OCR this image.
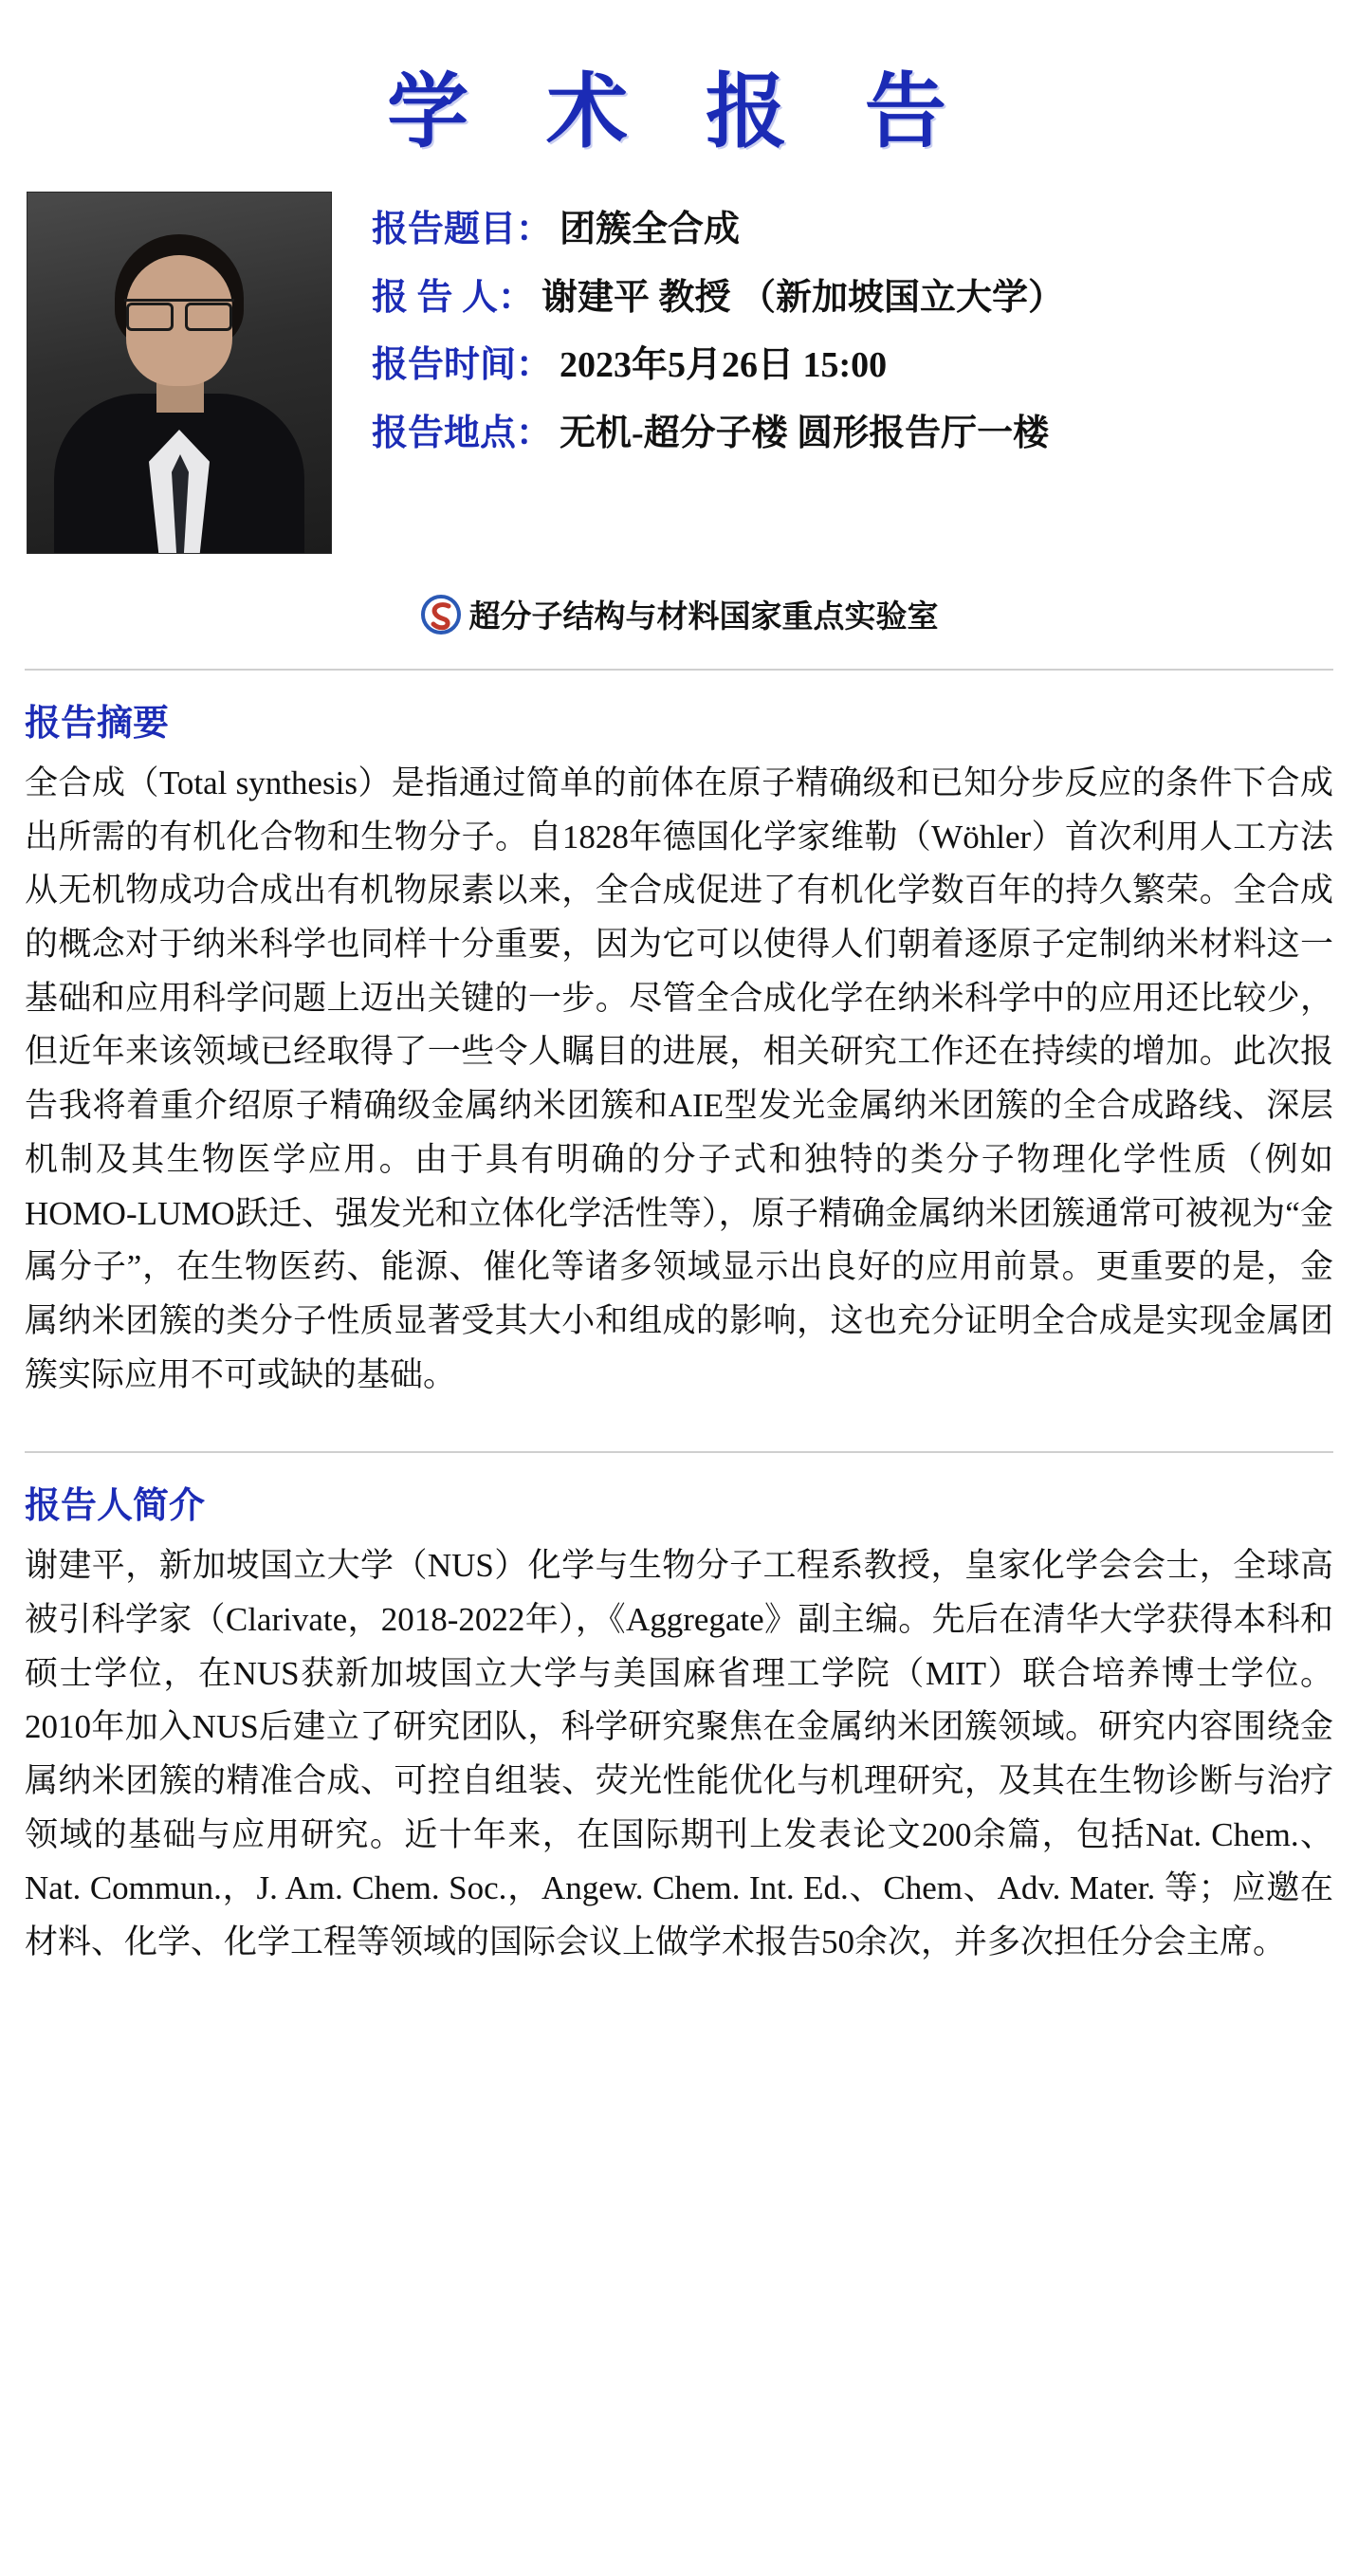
学 术 报 告
报告题目： 团簇全合成
报 告 人： 谢建平 教授 （新加坡国立大学）
报告时间： 2023年5月26日 15:00
报告地点： 无机-超分子楼 圆形报告厅一楼
超分子结构与材料国家重点实验室
报告摘要
全合成（Total synthesis）是指通过简单的前体在原子精确级和已知分步反应的条件下合成出所需的有机化合物和生物分子。自1828年德国化学家维勒（Wöhler）首次利用人工方法从无机物成功合成出有机物尿素以来，全合成促进了有机化学数百年的持久繁荣。全合成的概念对于纳米科学也同样十分重要，因为它可以使得人们朝着逐原子定制纳米材料这一基础和应用科学问题上迈出关键的一步。尽管全合成化学在纳米科学中的应用还比较少，但近年来该领域已经取得了一些令人瞩目的进展，相关研究工作还在持续的增加。此次报告我将着重介绍原子精确级金属纳米团簇和AIE型发光金属纳米团簇的全合成路线、深层机制及其生物医学应用。由于具有明确的分子式和独特的类分子物理化学性质（例如HOMO-LUMO跃迁、强发光和立体化学活性等），原子精确金属纳米团簇通常可被视为“金属分子”，在生物医药、能源、催化等诸多领域显示出良好的应用前景。更重要的是，金属纳米团簇的类分子性质显著受其大小和组成的影响，这也充分证明全合成是实现金属团簇实际应用不可或缺的基础。
报告人简介
谢建平，新加坡国立大学（NUS）化学与生物分子工程系教授，皇家化学会会士，全球高被引科学家（Clarivate，2018-2022年），《Aggregate》副主编。先后在清华大学获得本科和硕士学位，在NUS获新加坡国立大学与美国麻省理工学院（MIT）联合培养博士学位。2010年加入NUS后建立了研究团队，科学研究聚焦在金属纳米团簇领域。研究内容围绕金属纳米团簇的精准合成、可控自组装、荧光性能优化与机理研究，及其在生物诊断与治疗领域的基础与应用研究。近十年来，在国际期刊上发表论文200余篇，包括Nat. Chem.、Nat. Commun.，J. Am. Chem. Soc.，Angew. Chem. Int. Ed.、Chem、Adv. Mater. 等；应邀在材料、化学、化学工程等领域的国际会议上做学术报告50余次，并多次担任分会主席。
